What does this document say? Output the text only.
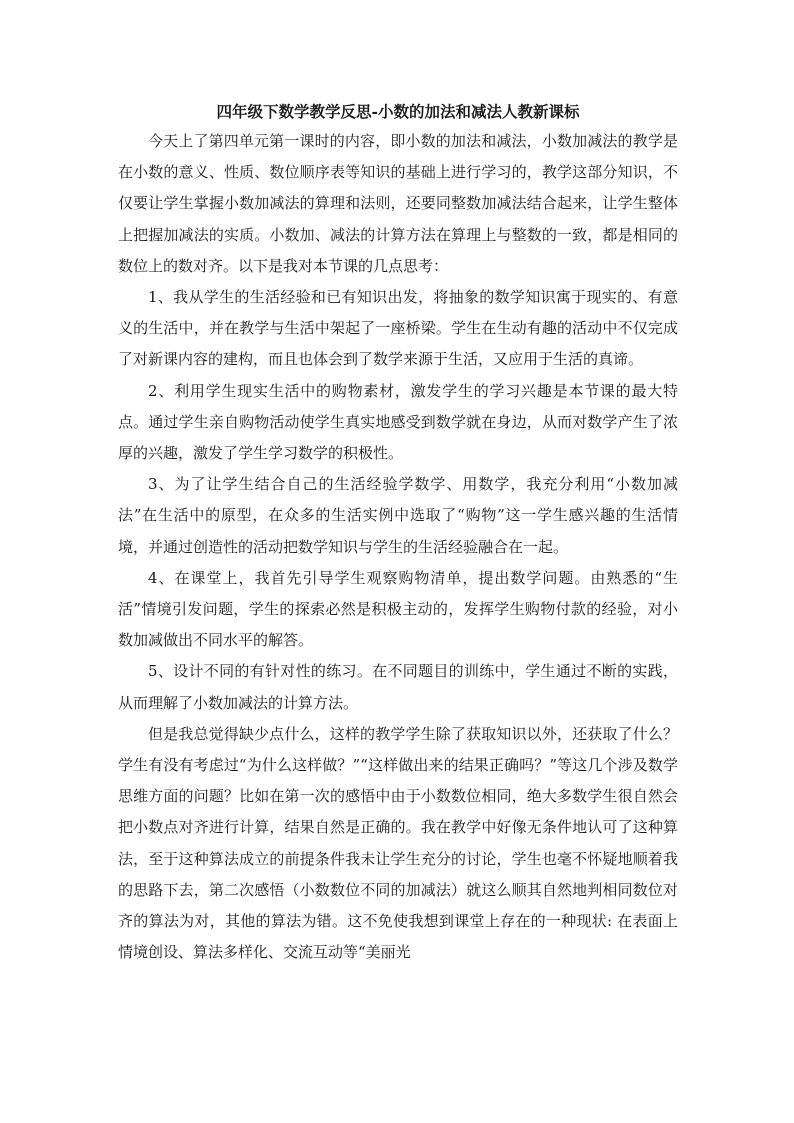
四年级下数学教学反思-小数的加法和减法人教新课标

今天上了第四单元第一课时的内容，即小数的加法和减法，小数加减法的教学是在小数的意义、性质、数位顺序表等知识的基础上进行学习的，教学这部分知识，不仅要让学生掌握小数加减法的算理和法则，还要同整数加减法结合起来，让学生整体上把握加减法的实质。小数加、减法的计算方法在算理上与整数的一致，都是相同的数位上的数对齐。以下是我对本节课的几点思考：

1、我从学生的生活经验和已有知识出发，将抽象的数学知识寓于现实的、有意义的生活中，并在教学与生活中架起了一座桥梁。学生在生动有趣的活动中不仅完成了对新课内容的建构，而且也体会到了数学来源于生活，又应用于生活的真谛。

2、利用学生现实生活中的购物素材，激发学生的学习兴趣是本节课的最大特点。通过学生亲自购物活动使学生真实地感受到数学就在身边，从而对数学产生了浓厚的兴趣，激发了学生学习数学的积极性。

3、为了让学生结合自己的生活经验学数学、用数学，我充分利用“小数加减法”在生活中的原型，在众多的生活实例中选取了“购物”这一学生感兴趣的生活情境，并通过创造性的活动把数学知识与学生的生活经验融合在一起。

4、在课堂上，我首先引导学生观察购物清单，提出数学问题。由熟悉的“生活”情境引发问题，学生的探索必然是积极主动的，发挥学生购物付款的经验，对小数加减做出不同水平的解答。

5、设计不同的有针对性的练习。在不同题目的训练中，学生通过不断的实践，从而理解了小数加减法的计算方法。

但是我总觉得缺少点什么，这样的教学学生除了获取知识以外，还获取了什么？学生有没有考虑过“为什么这样做？”“这样做出来的结果正确吗？”等这几个涉及数学思维方面的问题？比如在第一次的感悟中由于小数数位相同，绝大多数学生很自然会把小数点对齐进行计算，结果自然是正确的。我在教学中好像无条件地认可了这种算法，至于这种算法成立的前提条件我未让学生充分的讨论，学生也毫不怀疑地顺着我的思路下去，第二次感悟（小数数位不同的加减法）就这么顺其自然地判相同数位对齐的算法为对，其他的算法为错。这不免使我想到课堂上存在的一种现状: 在表面上情境创设、算法多样化、交流互动等“美丽光
